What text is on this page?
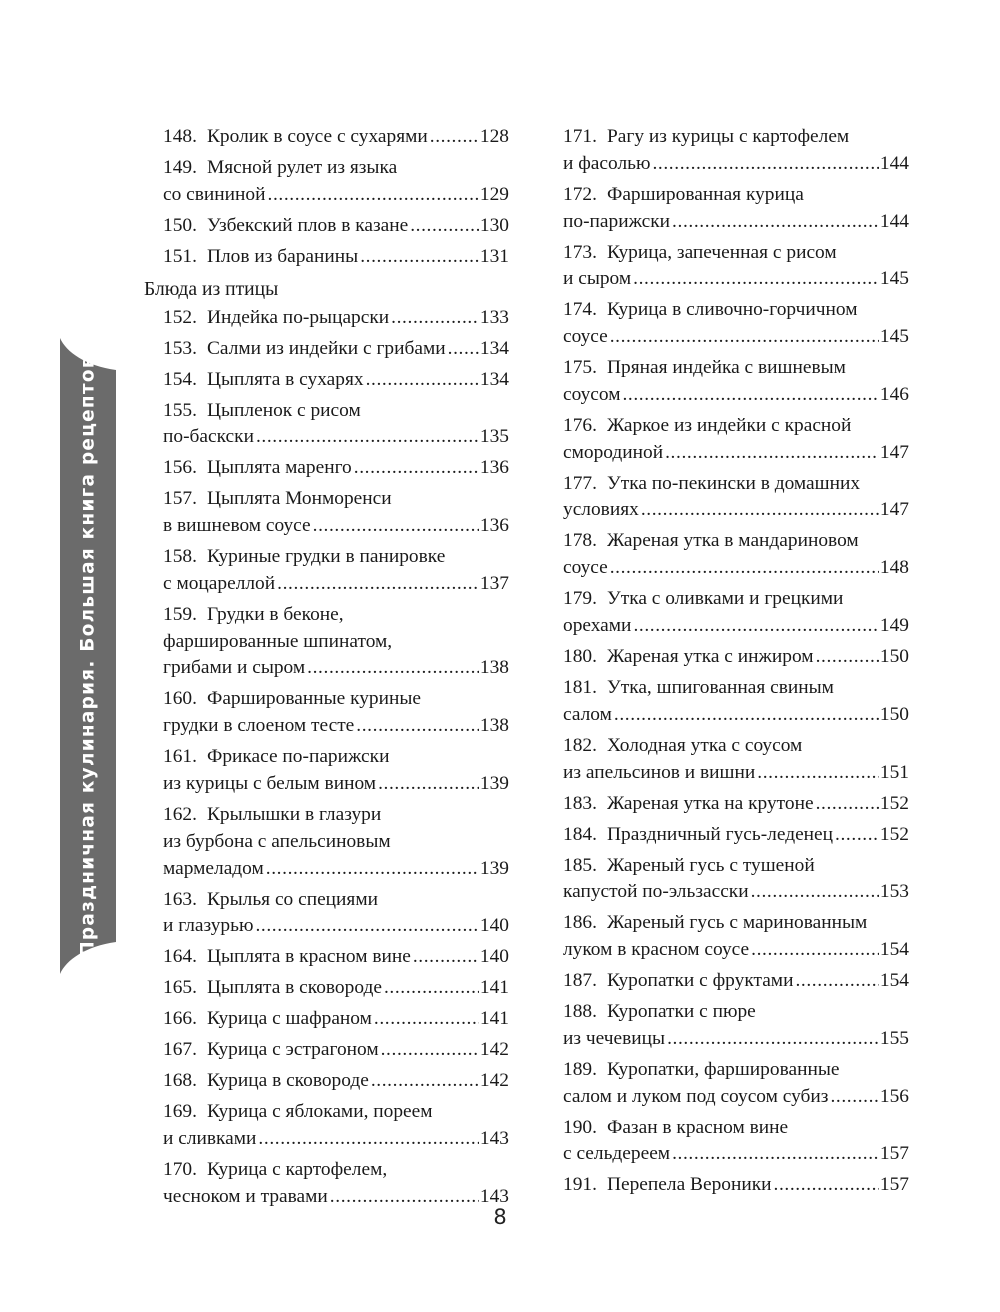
Праздничная кулинария. Большая книга рецептов
148. Кролик в соусе с сухарями .....	128
149. Мясной рулет из языка
со свининой .....	129
150. Узбекский плов в казане .....	130
151. Плов из баранины .....	131
Блюда из птицы
152. Индейка по-рыцарски .....	133
153. Салми из индейки с грибами ..... 134
154. Цыплята в сухарях .....	134
155. Цыпленок с рисом
по-баскски .....	135
156. Цыплята маренго .....	136
157. Цыплята Монморенси
в вишневом соусе .....	136
158. Куриные грудки в панировке
с моцареллой .....	137
159. Грудки в беконе,
фаршированные шпинатом,
грибами и сыром .....	138
160. Фаршированные куриные
грудки в слоеном тесте .....	138
161. Фрикасе по-парижски
из курицы с белым вином .....	139
162. Крылышки в глазури
из бурбона с апельсиновым
мармеладом .....	139
163. Крылья со специями
и глазурью .....	140
164. Цыплята в красном вине .....	140
165. Цыплята в сковороде .....	141
166. Курица с шафраном .....	141
167. Курица с эстрагоном .....	142
168. Курица в сковороде .....	142
169. Курица с яблоками, пореем
и сливками .....	143
170. Курица с картофелем,
чесноком и травами .....	143
171. Рагу из курицы с картофелем
и фасолью .....	144
172. Фаршированная курица
по-парижски .....	144
173. Курица, запеченная с рисом
и сыром .....	145
174. Курица в сливочно-горчичном
соусе .....	145
175. Пряная индейка с вишневым
соусом .....	146
176. Жаркое из индейки с красной
смородиной .....	147
177. Утка по-пекински в домашних
условиях .....	147
178. Жареная утка в мандариновом
соусе .....	148
179. Утка с оливками и грецкими
орехами .....	149
180. Жареная утка с инжиром .....	150
181. Утка, шпигованная свиным
салом .....	150
182. Холодная утка с соусом
из апельсинов и вишни .....	151
183. Жареная утка на крутоне .....	152
184. Праздничный гусь-леденец ..... 152
185. Жареный гусь с тушеной
капустой по-эльзасски .....	153
186. Жареный гусь с маринованным
луком в красном соусе .....	154
187. Куропатки с фруктами .....	154
188. Куропатки с пюре
из чечевицы .....	155
189. Куропатки, фаршированные
салом и луком под соусом субиз .....	156
190. Фазан в красном вине
с сельдереем .....	157
191. Перепела Вероники .....	157
8
